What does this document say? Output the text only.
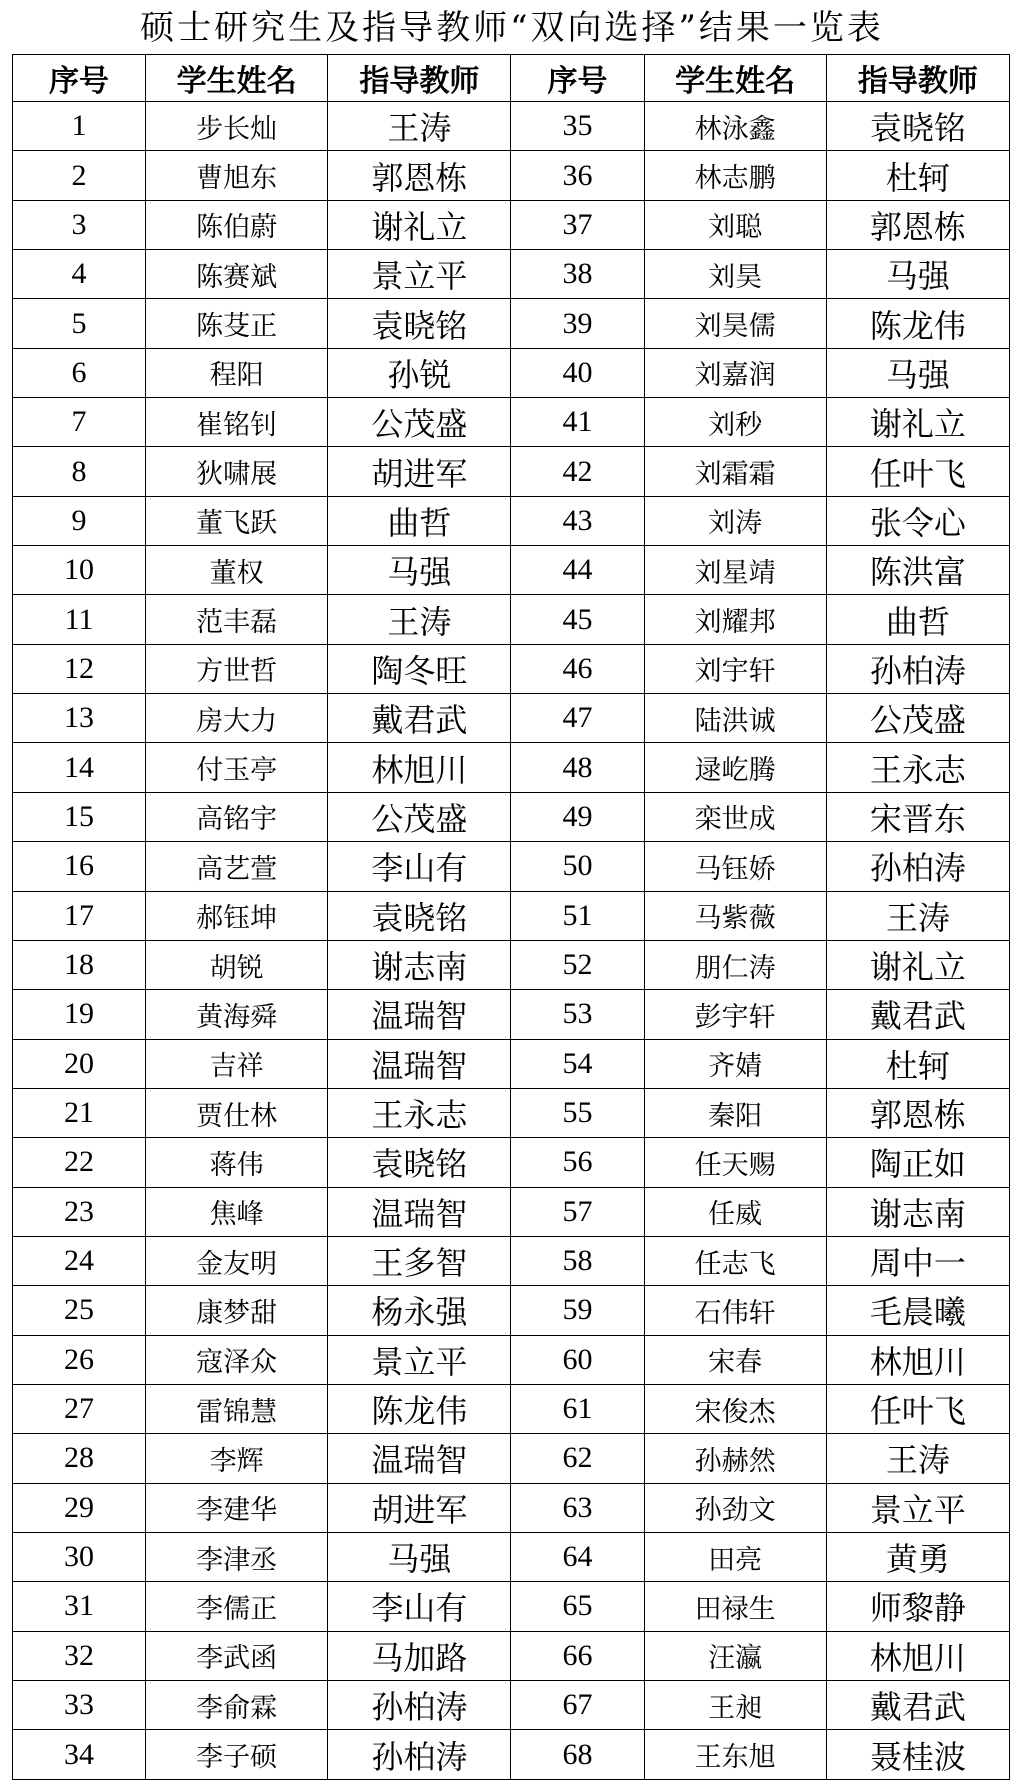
硕士研究生及指导教师“双向选择”结果一览表
序号	学生姓名	指导教师	序号	学生姓名	指导教师
1	步长灿	王涛	35	林泳鑫	袁晓铭
2	曹旭东	郭恩栋	36	林志鹏	杜轲
3	陈伯蔚	谢礼立	37	刘聪	郭恩栋
4	陈赛斌	景立平	38	刘昊	马强
5	陈芟正	袁晓铭	39	刘昊儒	陈龙伟
6	程阳	孙锐	40	刘嘉润	马强
7	崔铭钊	公茂盛	41	刘秒	谢礼立
8	狄啸展	胡进军	42	刘霜霜	任叶飞
9	董飞跃	曲哲	43	刘涛	张令心
10	董权	马强	44	刘星靖	陈洪富
11	范丰磊	王涛	45	刘耀邦	曲哲
12	方世哲	陶冬旺	46	刘宇轩	孙柏涛
13	房大力	戴君武	47	陆洪诚	公茂盛
14	付玉亭	林旭川	48	逯屹腾	王永志
15	高铭宇	公茂盛	49	栾世成	宋晋东
16	高艺萱	李山有	50	马钰娇	孙柏涛
17	郝钰坤	袁晓铭	51	马紫薇	王涛
18	胡锐	谢志南	52	朋仁涛	谢礼立
19	黄海舜	温瑞智	53	彭宇轩	戴君武
20	吉祥	温瑞智	54	齐婧	杜轲
21	贾仕林	王永志	55	秦阳	郭恩栋
22	蒋伟	袁晓铭	56	任天赐	陶正如
23	焦峰	温瑞智	57	任威	谢志南
24	金友明	王多智	58	任志飞	周中一
25	康梦甜	杨永强	59	石伟轩	毛晨曦
26	寇泽众	景立平	60	宋春	林旭川
27	雷锦慧	陈龙伟	61	宋俊杰	任叶飞
28	李辉	温瑞智	62	孙赫然	王涛
29	李建华	胡进军	63	孙劲文	景立平
30	李津丞	马强	64	田亮	黄勇
31	李儒正	李山有	65	田禄生	师黎静
32	李武函	马加路	66	汪瀛	林旭川
33	李俞霖	孙柏涛	67	王昶	戴君武
34	李子硕	孙柏涛	68	王东旭	聂桂波
